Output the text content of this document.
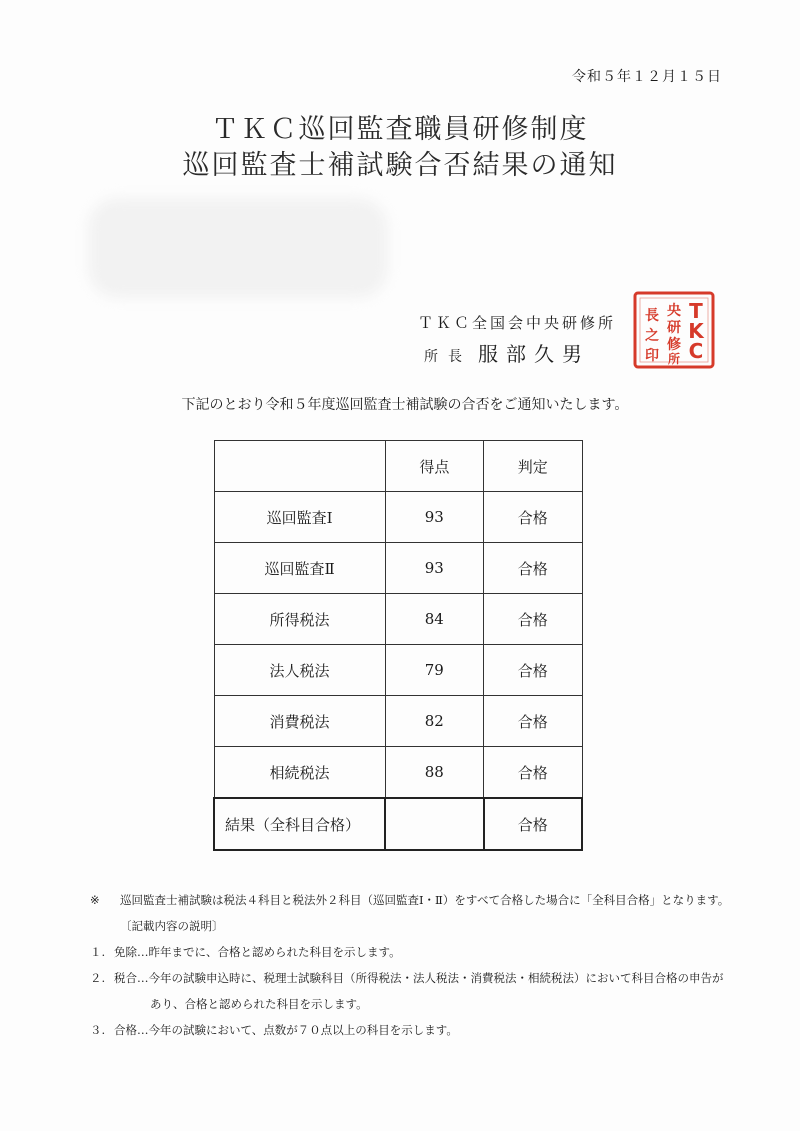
令和５年１２月１５日
ＴＫＣ巡回監査職員研修制度
巡回監査士補試験合否結果の通知
ＴＫＣ全国会中央研修所
所長 服部久男
T
K
C
央
研
修
所
長
之
印
下記のとおり令和５年度巡回監査士補試験の合否をご通知いたします。
	得点	判定
巡回監査Ⅰ	93	合格
巡回監査Ⅱ	93	合格
所得税法	84	合格
法人税法	79	合格
消費税法	82	合格
相続税法	88	合格
結果（全科目合格）		合格
※ 巡回監査士補試験は税法４科目と税法外２科目（巡回監査Ⅰ・Ⅱ）をすべて合格した場合に「全科目合格」となります。
〔記載内容の説明〕
１. 免除…昨年までに、合格と認められた科目を示します。
２. 税合…今年の試験申込時に、税理士試験科目（所得税法・法人税法・消費税法・相続税法）において科目合格の申告が
あり、合格と認められた科目を示します。
３. 合格…今年の試験において、点数が７０点以上の科目を示します。
